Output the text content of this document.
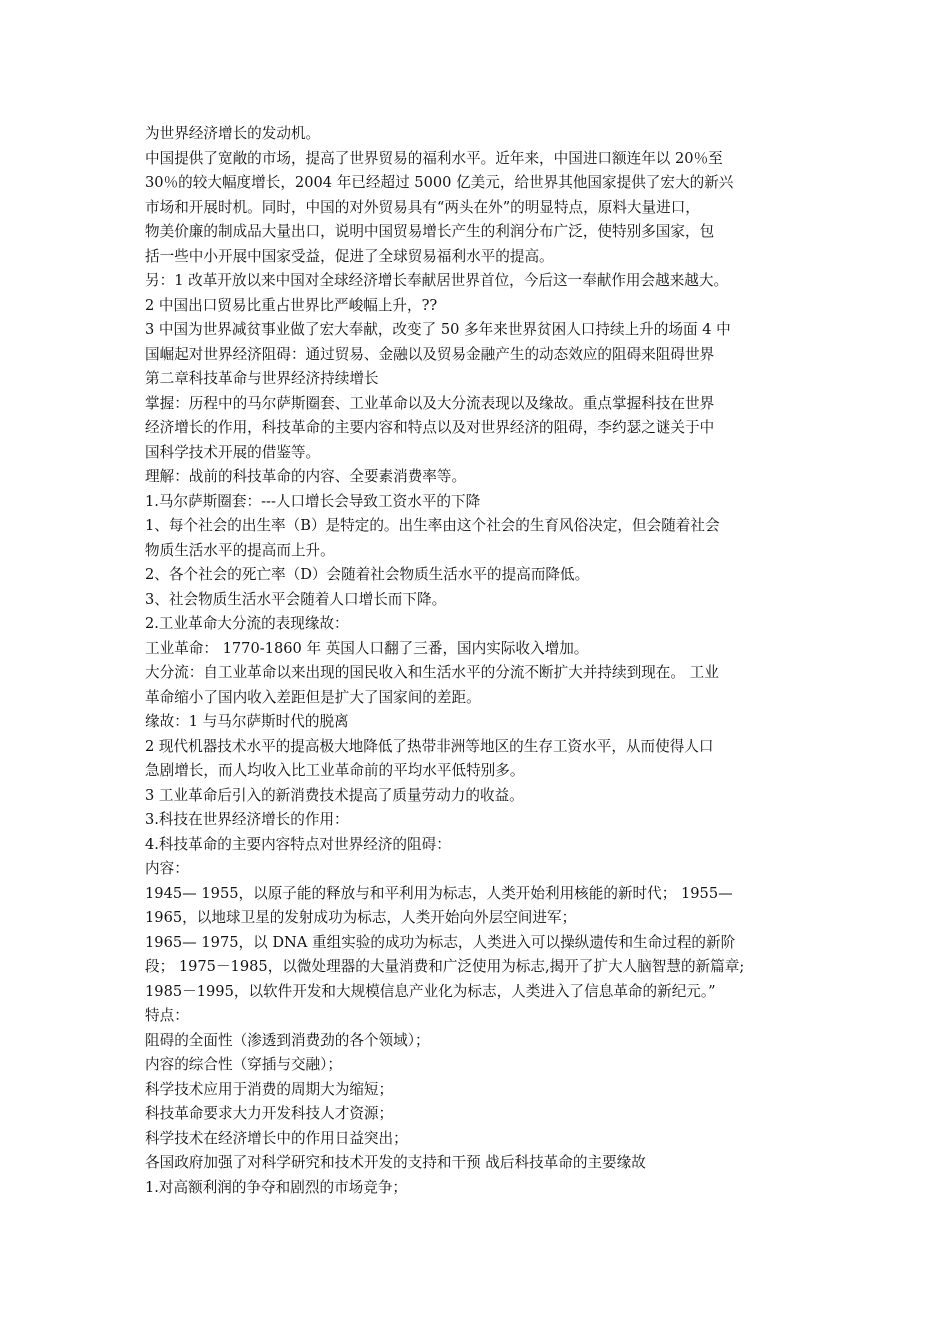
为世界经济增长的发动机。
中国提供了宽敞的市场，提高了世界贸易的福利水平。近年来，中国进口额连年以 20％至
30％的较大幅度增长，2004 年已经超过 5000 亿美元，给世界其他国家提供了宏大的新兴
市场和开展时机。同时，中国的对外贸易具有“两头在外”的明显特点，原料大量进口，
物美价廉的制成品大量出口，说明中国贸易增长产生的利润分布广泛，使特别多国家，包
括一些中小开展中国家受益，促进了全球贸易福利水平的提高。
另：1 改革开放以来中国对全球经济增长奉献居世界首位，今后这一奉献作用会越来越大。
2 中国出口贸易比重占世界比严峻幅上升，??
3 中国为世界减贫事业做了宏大奉献，改变了 50 多年来世界贫困人口持续上升的场面 4 中
国崛起对世界经济阻碍：通过贸易、金融以及贸易金融产生的动态效应的阻碍来阻碍世界
第二章科技革命与世界经济持续增长
掌握：历程中的马尔萨斯圈套、工业革命以及大分流表现以及缘故。重点掌握科技在世界
经济增长的作用，科技革命的主要内容和特点以及对世界经济的阻碍，李约瑟之谜关于中
国科学技术开展的借鉴等。
理解：战前的科技革命的内容、全要素消费率等。
1.马尔萨斯圈套：---人口增长会导致工资水平的下降
1、每个社会的出生率（B）是特定的。出生率由这个社会的生育风俗决定，但会随着社会
物质生活水平的提高而上升。
2、各个社会的死亡率（D）会随着社会物质生活水平的提高而降低。
3、社会物质生活水平会随着人口增长而下降。
2.工业革命大分流的表现缘故：
工业革命： 1770-1860 年 英国人口翻了三番，国内实际收入增加。
大分流：自工业革命以来出现的国民收入和生活水平的分流不断扩大并持续到现在。 工业
革命缩小了国内收入差距但是扩大了国家间的差距。
缘故：1 与马尔萨斯时代的脱离
2 现代机器技术水平的提高极大地降低了热带非洲等地区的生存工资水平，从而使得人口
急剧增长，而人均收入比工业革命前的平均水平低特别多。
3 工业革命后引入的新消费技术提高了质量劳动力的收益。
3.科技在世界经济增长的作用：
4.科技革命的主要内容特点对世界经济的阻碍：
内容：
1945— 1955，以原子能的释放与和平利用为标志，人类开始利用核能的新时代； 1955—
1965，以地球卫星的发射成功为标志，人类开始向外层空间进军；
1965— 1975，以 DNA 重组实验的成功为标志，人类进入可以操纵遗传和生命过程的新阶
段； 1975－1985，以微处理器的大量消费和广泛使用为标志,揭开了扩大人脑智慧的新篇章;
1985－1995，以软件开发和大规模信息产业化为标志，人类进入了信息革命的新纪元。”
特点：
阻碍的全面性（渗透到消费劲的各个领域）；
内容的综合性（穿插与交融）；
科学技术应用于消费的周期大为缩短；
科技革命要求大力开发科技人才资源；
科学技术在经济增长中的作用日益突出；
各国政府加强了对科学研究和技术开发的支持和干预 战后科技革命的主要缘故
1.对高额利润的争夺和剧烈的市场竞争；
